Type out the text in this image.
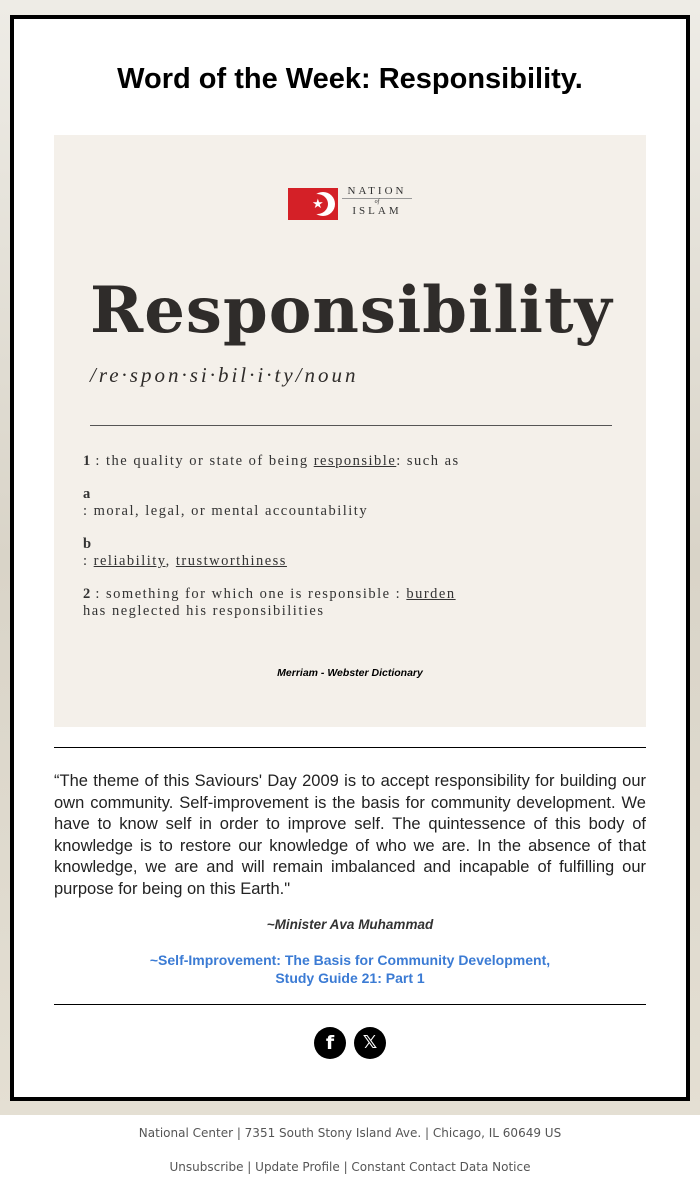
Word of the Week: Responsibility.
★
NATION
of
ISLAM
Responsibility
/re·spon·si·bil·i·ty/noun
1 : the quality or state of being responsible: such as
a
: moral, legal, or mental accountability
b
: reliability, trustworthiness
2 : something for which one is responsible : burden
has neglected his responsibilities
Merriam - Webster Dictionary

“The theme of this Saviours' Day 2009 is to accept responsibility for building our own community. Self-improvement is the basis for community development. We have to know self in order to improve self. The quintessence of this body of knowledge is to restore our knowledge of who we are. In the absence of that knowledge, we are and will remain imbalanced and incapable of fulfilling our purpose for being on this Earth."

~Minister Ava Muhammad
~Self-Improvement: The Basis for Community Development,
Study Guide 21: Part 1
f	𝕏
National Center | 7351 South Stony Island Ave. | Chicago, IL 60649 US
Unsubscribe | Update Profile | Constant Contact Data Notice
